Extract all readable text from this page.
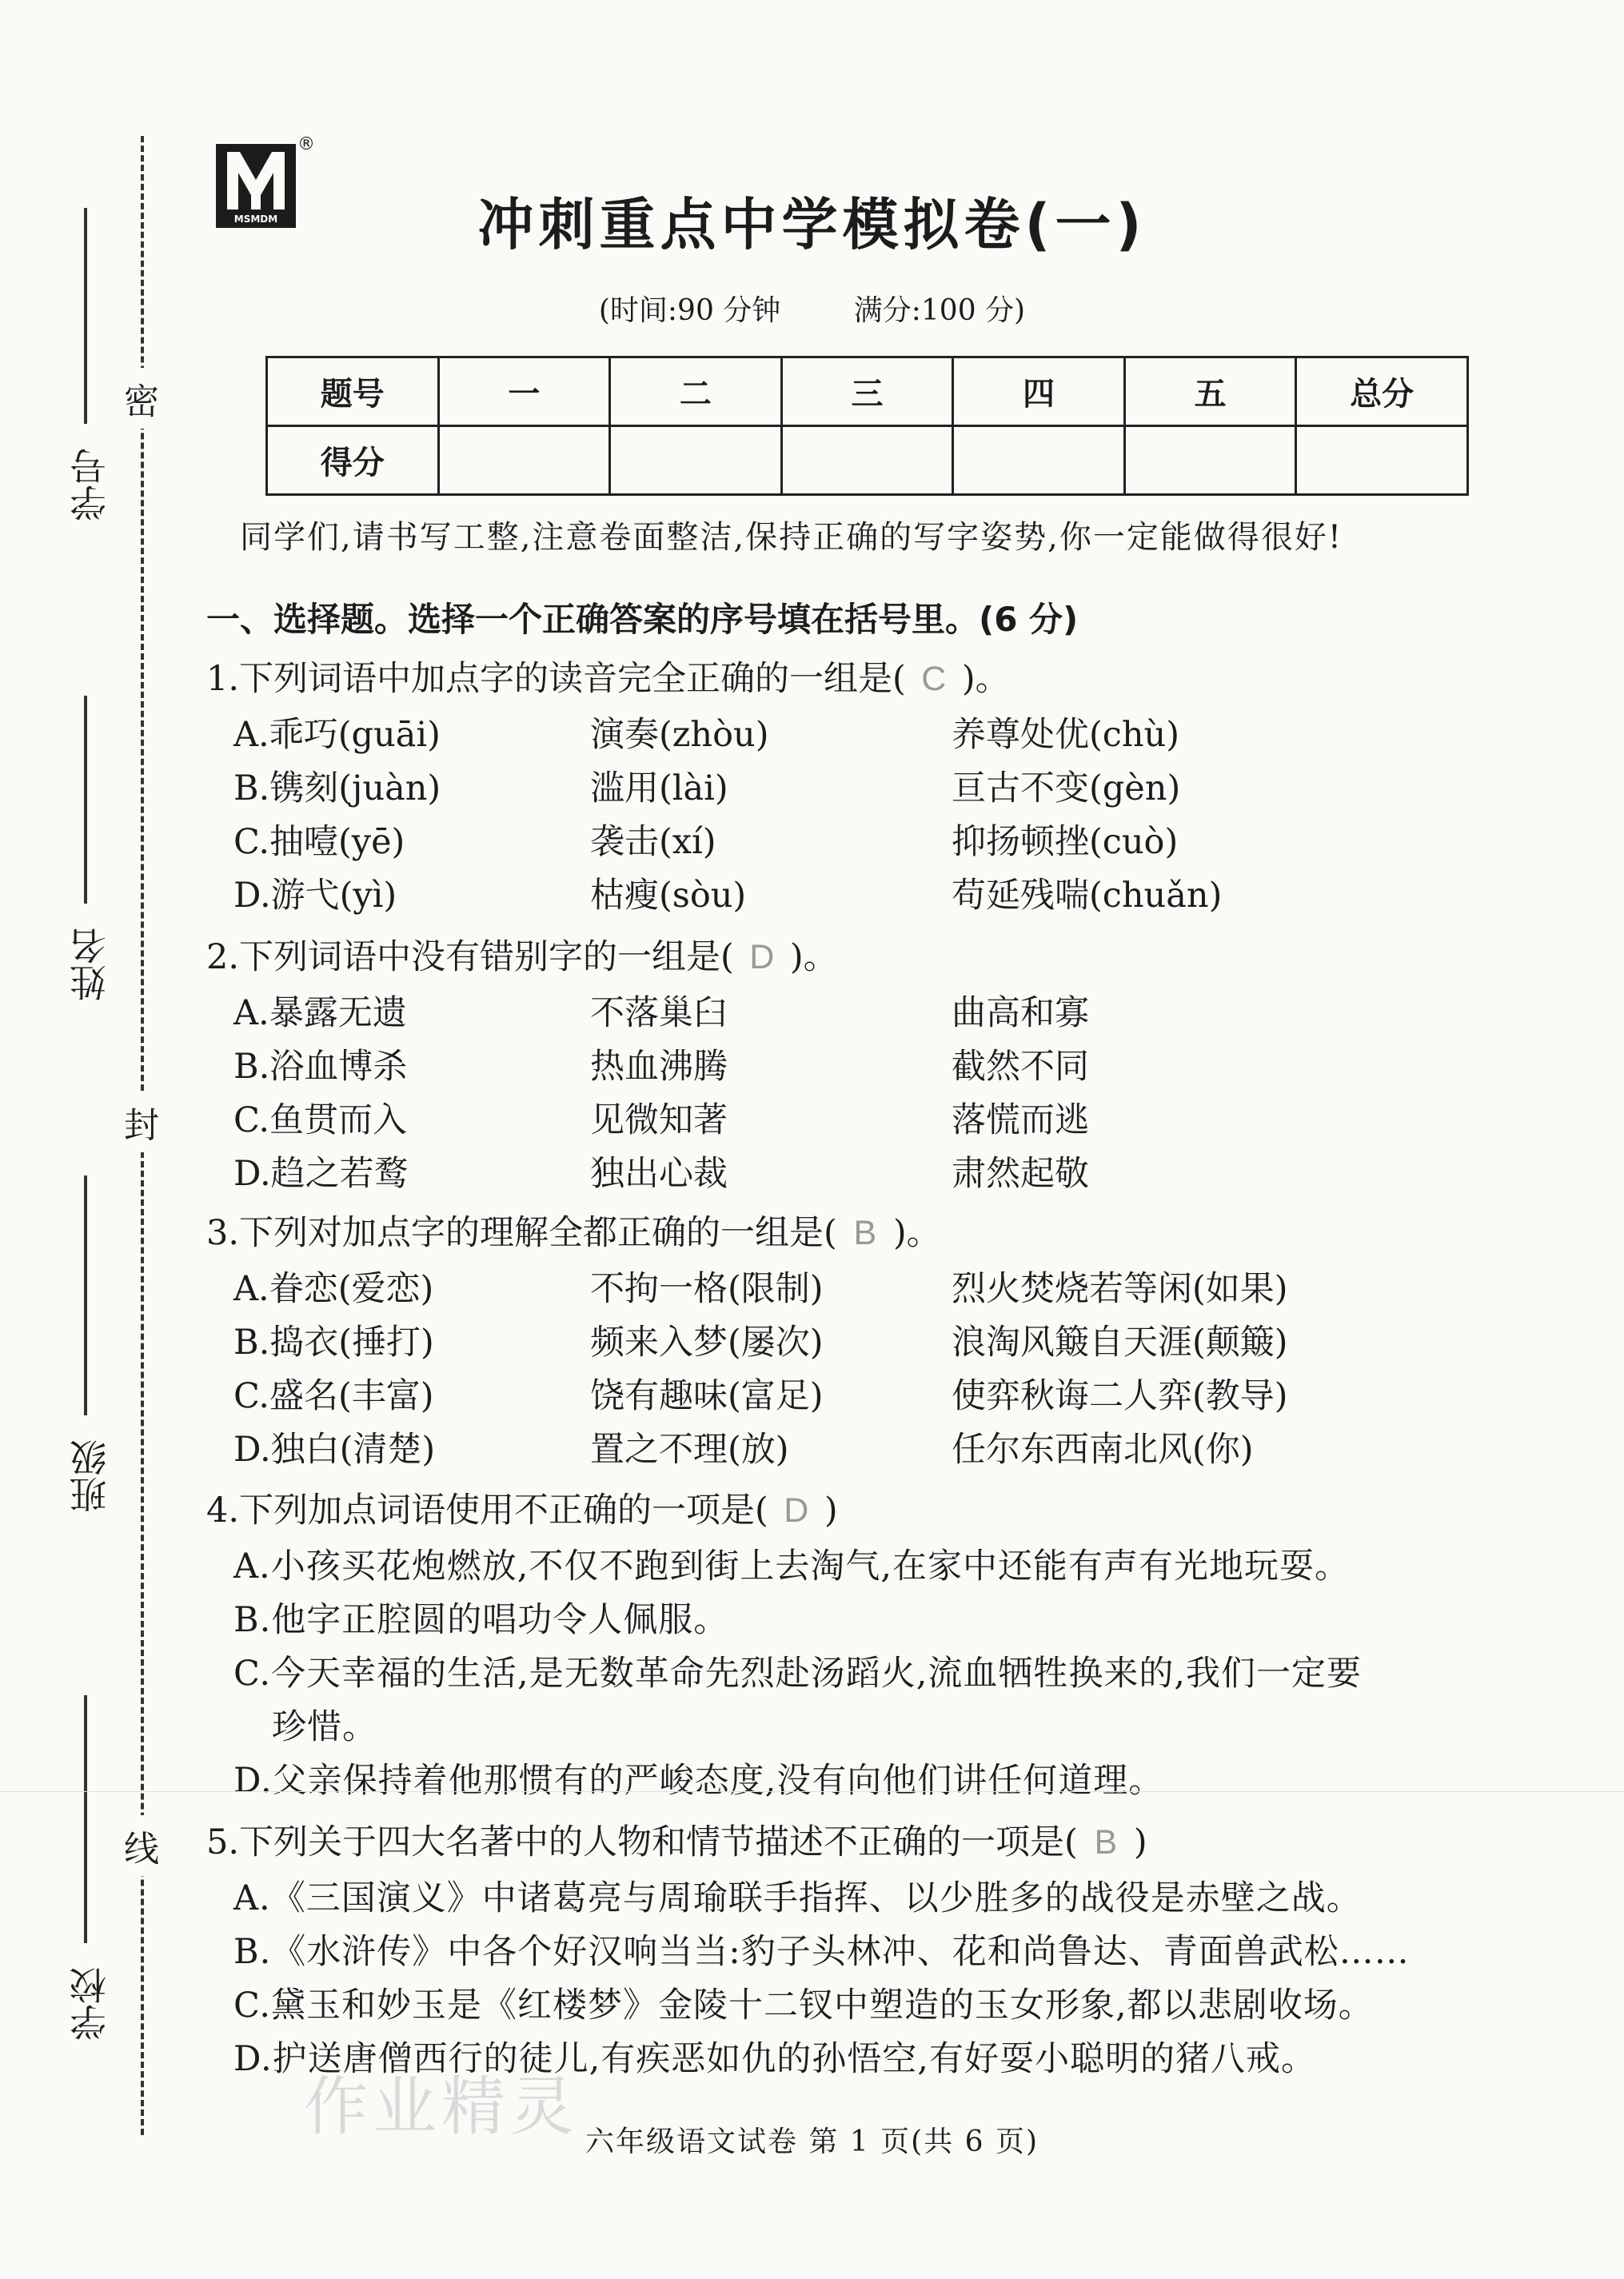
密
封
线
学号
姓名
班级
学校
MSMDM
®
冲刺重点中学模拟卷(一)
(时间:90 分钟	满分:100 分)
题号	一	二	三	四	五	总分
得分						
同学们,请书写工整,注意卷面整洁,保持正确的写字姿势,你一定能做得很好!
一、选择题。选择一个正确答案的序号填在括号里。(6 分)
1.下列词语中加点字的读音完全正确的一组是( C )。
A.乖巧(guāi)	演奏(zhòu)	养尊处优(chù)
B.镌刻(juàn)	滥用(lài)	亘古不变(gèn)
C.抽噎(yē)	袭击(xí)	抑扬顿挫(cuò)
D.游弋(yì)	枯瘦(sòu)	苟延残喘(chuǎn)
2.下列词语中没有错别字的一组是( D )。
A.暴露无遗	不落巢臼	曲高和寡
B.浴血博杀	热血沸腾	截然不同
C.鱼贯而入	见微知著	落慌而逃
D.趋之若鹜	独出心裁	肃然起敬
3.下列对加点字的理解全都正确的一组是( B )。
A.眷恋(爱恋)	不拘一格(限制)	烈火焚烧若等闲(如果)
B.捣衣(捶打)	频来入梦(屡次)	浪淘风簸自天涯(颠簸)
C.盛名(丰富)	饶有趣味(富足)	使弈秋诲二人弈(教导)
D.独白(清楚)	置之不理(放)	任尔东西南北风(你)
4.下列加点词语使用不正确的一项是( D )
A.小孩买花炮燃放,不仅不跑到街上去淘气,在家中还能有声有光地玩耍。
B.他字正腔圆的唱功令人佩服。
C.今天幸福的生活,是无数革命先烈赴汤蹈火,流血牺牲换来的,我们一定要
珍惜。
D.父亲保持着他那惯有的严峻态度,没有向他们讲任何道理。
5.下列关于四大名著中的人物和情节描述不正确的一项是( B )
A.《三国演义》中诸葛亮与周瑜联手指挥、以少胜多的战役是赤壁之战。
B.《水浒传》中各个好汉响当当:豹子头林冲、花和尚鲁达、青面兽武松……
C.黛玉和妙玉是《红楼梦》金陵十二钗中塑造的玉女形象,都以悲剧收场。
D.护送唐僧西行的徒儿,有疾恶如仇的孙悟空,有好耍小聪明的猪八戒。
作业精灵 六年级语文试卷 第 1 页(共 6 页)
